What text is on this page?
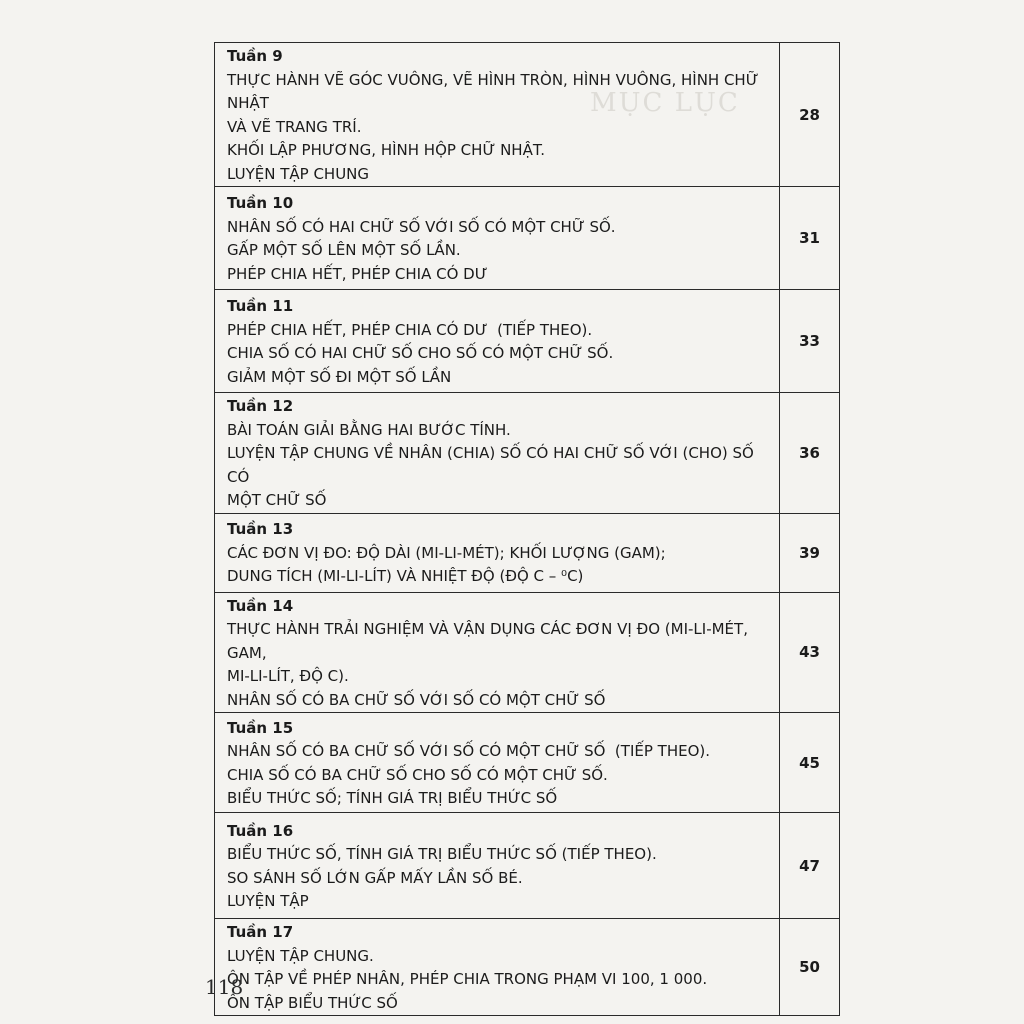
MỤC LỤC
Tuần 9
THỰC HÀNH VẼ GÓC VUÔNG, VẼ HÌNH TRÒN, HÌNH VUÔNG, HÌNH CHỮ NHẬT
VÀ VẼ TRANG TRÍ.
KHỐI LẬP PHƯƠNG, HÌNH HỘP CHỮ NHẬT.
LUYỆN TẬP CHUNG	28

Tuần 10
NHÂN SỐ CÓ HAI CHỮ SỐ VỚI SỐ CÓ MỘT CHỮ SỐ.
GẤP MỘT SỐ LÊN MỘT SỐ LẦN.
PHÉP CHIA HẾT, PHÉP CHIA CÓ DƯ	31

Tuần 11
PHÉP CHIA HẾT, PHÉP CHIA CÓ DƯ  (TIẾP THEO).
CHIA SỐ CÓ HAI CHỮ SỐ CHO SỐ CÓ MỘT CHỮ SỐ.
GIẢM MỘT SỐ ĐI MỘT SỐ LẦN	33

Tuần 12
BÀI TOÁN GIẢI BẰNG HAI BƯỚC TÍNH.
LUYỆN TẬP CHUNG VỀ NHÂN (CHIA) SỐ CÓ HAI CHỮ SỐ VỚI (CHO) SỐ CÓ
MỘT CHỮ SỐ	36

Tuần 13
CÁC ĐƠN VỊ ĐO: ĐỘ DÀI (MI-LI-MÉT); KHỐI LƯỢNG (GAM);
DUNG TÍCH (MI-LI-LÍT) VÀ NHIỆT ĐỘ (ĐỘ C – ⁰C)	39

Tuần 14
THỰC HÀNH TRẢI NGHIỆM VÀ VẬN DỤNG CÁC ĐƠN VỊ ĐO (MI-LI-MÉT, GAM,
MI-LI-LÍT, ĐỘ C).
NHÂN SỐ CÓ BA CHỮ SỐ VỚI SỐ CÓ MỘT CHỮ SỐ	43

Tuần 15
NHÂN SỐ CÓ BA CHỮ SỐ VỚI SỐ CÓ MỘT CHỮ SỐ  (TIẾP THEO).
CHIA SỐ CÓ BA CHỮ SỐ CHO SỐ CÓ MỘT CHỮ SỐ.
BIỂU THỨC SỐ; TÍNH GIÁ TRỊ BIỂU THỨC SỐ	45

Tuần 16
BIỂU THỨC SỐ, TÍNH GIÁ TRỊ BIỂU THỨC SỐ (TIẾP THEO).
SO SÁNH SỐ LỚN GẤP MẤY LẦN SỐ BÉ.
LUYỆN TẬP	47

Tuần 17
LUYỆN TẬP CHUNG.
ÔN TẬP VỀ PHÉP NHÂN, PHÉP CHIA TRONG PHẠM VI 100, 1 000.
ÔN TẬP BIỂU THỨC SỐ	50
118
